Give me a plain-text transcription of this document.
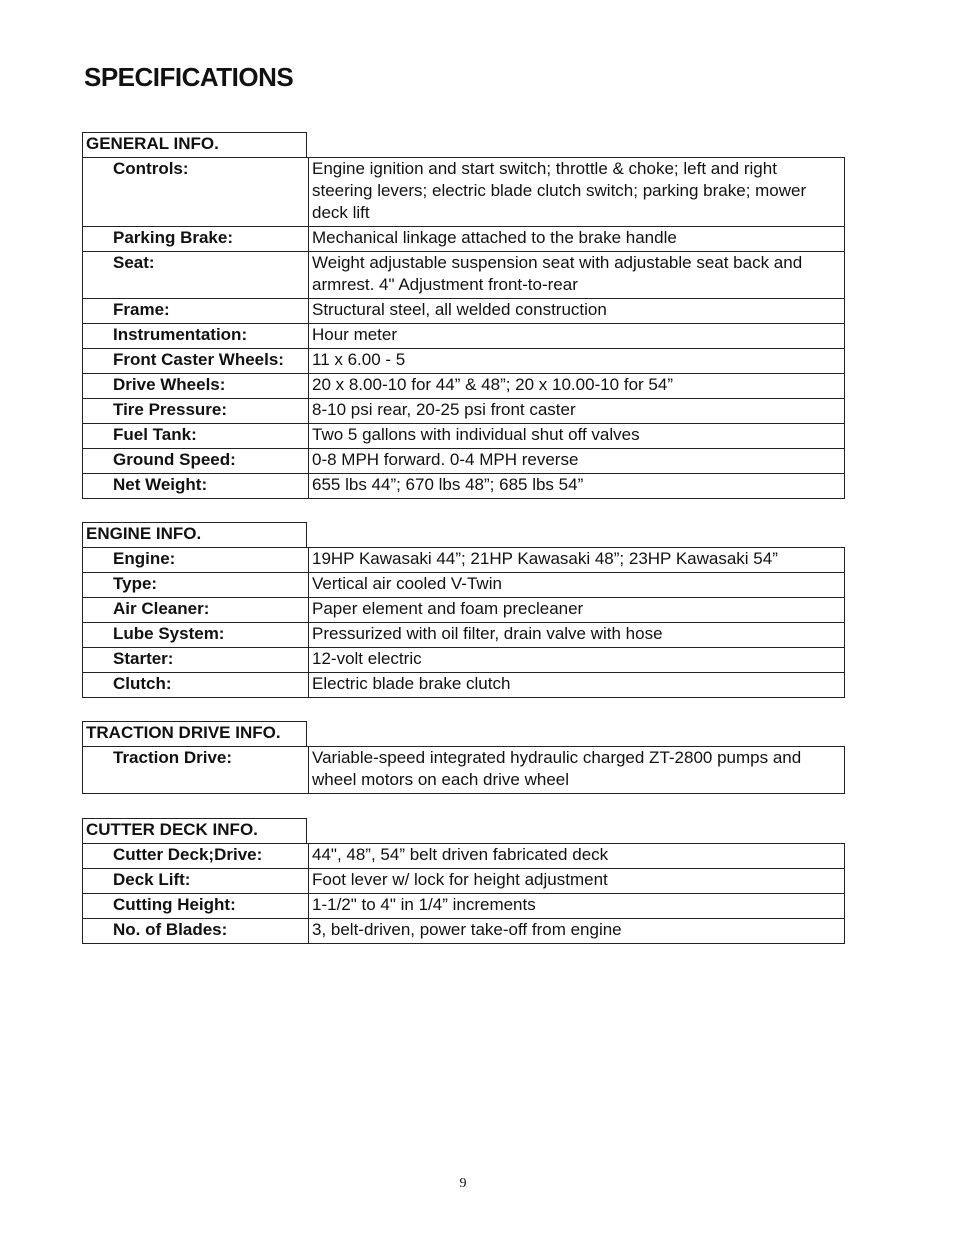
SPECIFICATIONS
GENERAL INFO.
Controls:	Engine ignition and start switch; throttle & choke; left and right steering levers; electric blade clutch switch; parking brake; mower deck lift
Parking Brake:	Mechanical linkage attached to the brake handle
Seat:	Weight adjustable suspension seat with adjustable seat back and armrest. 4" Adjustment front-to-rear
Frame:	Structural steel, all welded construction
Instrumentation:	Hour meter
Front Caster Wheels:	11 x 6.00 - 5
Drive Wheels:	20 x 8.00-10 for 44” & 48”; 20 x 10.00-10 for 54”
Tire Pressure:	8-10 psi rear, 20-25 psi front caster
Fuel Tank:	Two 5 gallons with individual shut off valves
Ground Speed:	0-8 MPH forward. 0-4 MPH reverse
Net Weight:	655 lbs 44”; 670 lbs 48”; 685 lbs 54”
ENGINE INFO.
Engine:	19HP Kawasaki 44”; 21HP Kawasaki 48”; 23HP Kawasaki 54”
Type:	Vertical air cooled V-Twin
Air Cleaner:	Paper element and foam precleaner
Lube System:	Pressurized with oil filter, drain valve with hose
Starter:	12-volt electric
Clutch:	Electric blade brake clutch
TRACTION DRIVE INFO.
Traction Drive:	Variable-speed integrated hydraulic charged ZT-2800 pumps and wheel motors on each drive wheel
CUTTER DECK INFO.
Cutter Deck;Drive:	44", 48”, 54” belt driven fabricated deck
Deck Lift:	Foot lever w/ lock for height adjustment
Cutting Height:	1-1/2" to 4" in 1/4” increments
No. of Blades:	3, belt-driven, power take-off from engine
9
